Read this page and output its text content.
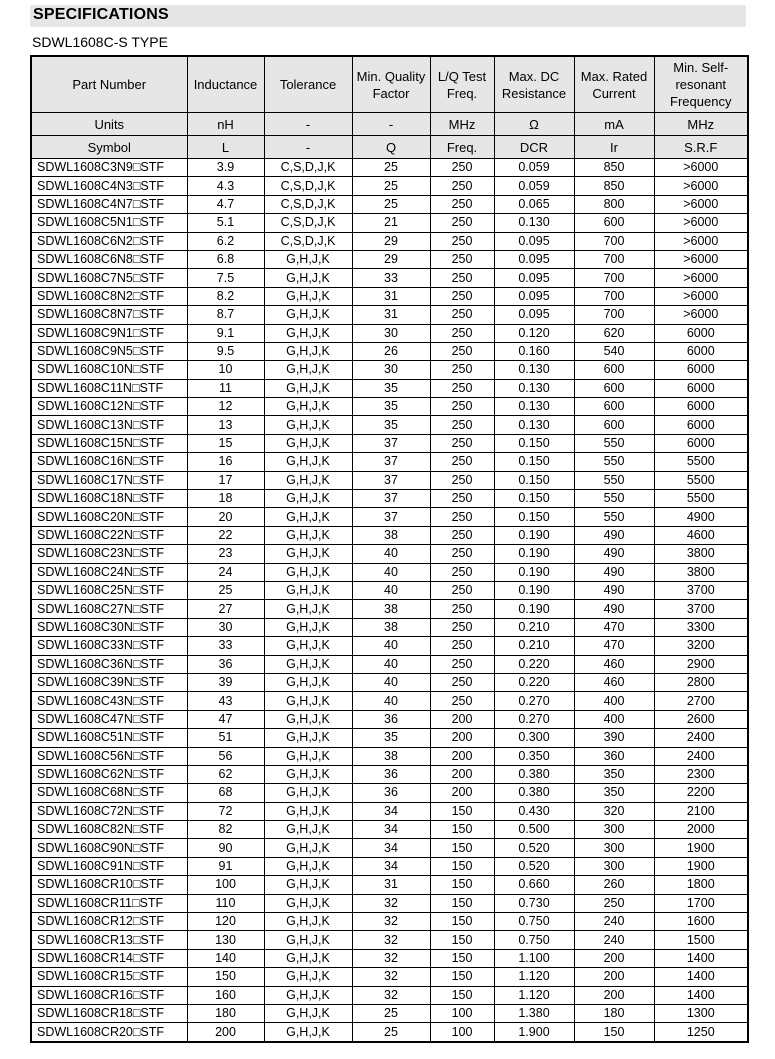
SPECIFICATIONS
SDWL1608C-S TYPE
Part Number	Inductance	Tolerance	Min. Quality Factor	L/Q Test Freq.	Max. DC Resistance	Max. Rated Current	Min. Self-resonant Frequency
Units	nH	-	-	MHz	Ω	mA	MHz
Symbol	L	-	Q	Freq.	DCR	Ir	S.R.F
SDWL1608C3N9□STF	3.9	C,S,D,J,K	25	250	0.059	850	>6000
SDWL1608C4N3□STF	4.3	C,S,D,J,K	25	250	0.059	850	>6000
SDWL1608C4N7□STF	4.7	C,S,D,J,K	25	250	0.065	800	>6000
SDWL1608C5N1□STF	5.1	C,S,D,J,K	21	250	0.130	600	>6000
SDWL1608C6N2□STF	6.2	C,S,D,J,K	29	250	0.095	700	>6000
SDWL1608C6N8□STF	6.8	G,H,J,K	29	250	0.095	700	>6000
SDWL1608C7N5□STF	7.5	G,H,J,K	33	250	0.095	700	>6000
SDWL1608C8N2□STF	8.2	G,H,J,K	31	250	0.095	700	>6000
SDWL1608C8N7□STF	8.7	G,H,J,K	31	250	0.095	700	>6000
SDWL1608C9N1□STF	9.1	G,H,J,K	30	250	0.120	620	6000
SDWL1608C9N5□STF	9.5	G,H,J,K	26	250	0.160	540	6000
SDWL1608C10N□STF	10	G,H,J,K	30	250	0.130	600	6000
SDWL1608C11N□STF	11	G,H,J,K	35	250	0.130	600	6000
SDWL1608C12N□STF	12	G,H,J,K	35	250	0.130	600	6000
SDWL1608C13N□STF	13	G,H,J,K	35	250	0.130	600	6000
SDWL1608C15N□STF	15	G,H,J,K	37	250	0.150	550	6000
SDWL1608C16N□STF	16	G,H,J,K	37	250	0.150	550	5500
SDWL1608C17N□STF	17	G,H,J,K	37	250	0.150	550	5500
SDWL1608C18N□STF	18	G,H,J,K	37	250	0.150	550	5500
SDWL1608C20N□STF	20	G,H,J,K	37	250	0.150	550	4900
SDWL1608C22N□STF	22	G,H,J,K	38	250	0.190	490	4600
SDWL1608C23N□STF	23	G,H,J,K	40	250	0.190	490	3800
SDWL1608C24N□STF	24	G,H,J,K	40	250	0.190	490	3800
SDWL1608C25N□STF	25	G,H,J,K	40	250	0.190	490	3700
SDWL1608C27N□STF	27	G,H,J,K	38	250	0.190	490	3700
SDWL1608C30N□STF	30	G,H,J,K	38	250	0.210	470	3300
SDWL1608C33N□STF	33	G,H,J,K	40	250	0.210	470	3200
SDWL1608C36N□STF	36	G,H,J,K	40	250	0.220	460	2900
SDWL1608C39N□STF	39	G,H,J,K	40	250	0.220	460	2800
SDWL1608C43N□STF	43	G,H,J,K	40	250	0.270	400	2700
SDWL1608C47N□STF	47	G,H,J,K	36	200	0.270	400	2600
SDWL1608C51N□STF	51	G,H,J,K	35	200	0.300	390	2400
SDWL1608C56N□STF	56	G,H,J,K	38	200	0.350	360	2400
SDWL1608C62N□STF	62	G,H,J,K	36	200	0.380	350	2300
SDWL1608C68N□STF	68	G,H,J,K	36	200	0.380	350	2200
SDWL1608C72N□STF	72	G,H,J,K	34	150	0.430	320	2100
SDWL1608C82N□STF	82	G,H,J,K	34	150	0.500	300	2000
SDWL1608C90N□STF	90	G,H,J,K	34	150	0.520	300	1900
SDWL1608C91N□STF	91	G,H,J,K	34	150	0.520	300	1900
SDWL1608CR10□STF	100	G,H,J,K	31	150	0.660	260	1800
SDWL1608CR11□STF	110	G,H,J,K	32	150	0.730	250	1700
SDWL1608CR12□STF	120	G,H,J,K	32	150	0.750	240	1600
SDWL1608CR13□STF	130	G,H,J,K	32	150	0.750	240	1500
SDWL1608CR14□STF	140	G,H,J,K	32	150	1.100	200	1400
SDWL1608CR15□STF	150	G,H,J,K	32	150	1.120	200	1400
SDWL1608CR16□STF	160	G,H,J,K	32	150	1.120	200	1400
SDWL1608CR18□STF	180	G,H,J,K	25	100	1.380	180	1300
SDWL1608CR20□STF	200	G,H,J,K	25	100	1.900	150	1250
